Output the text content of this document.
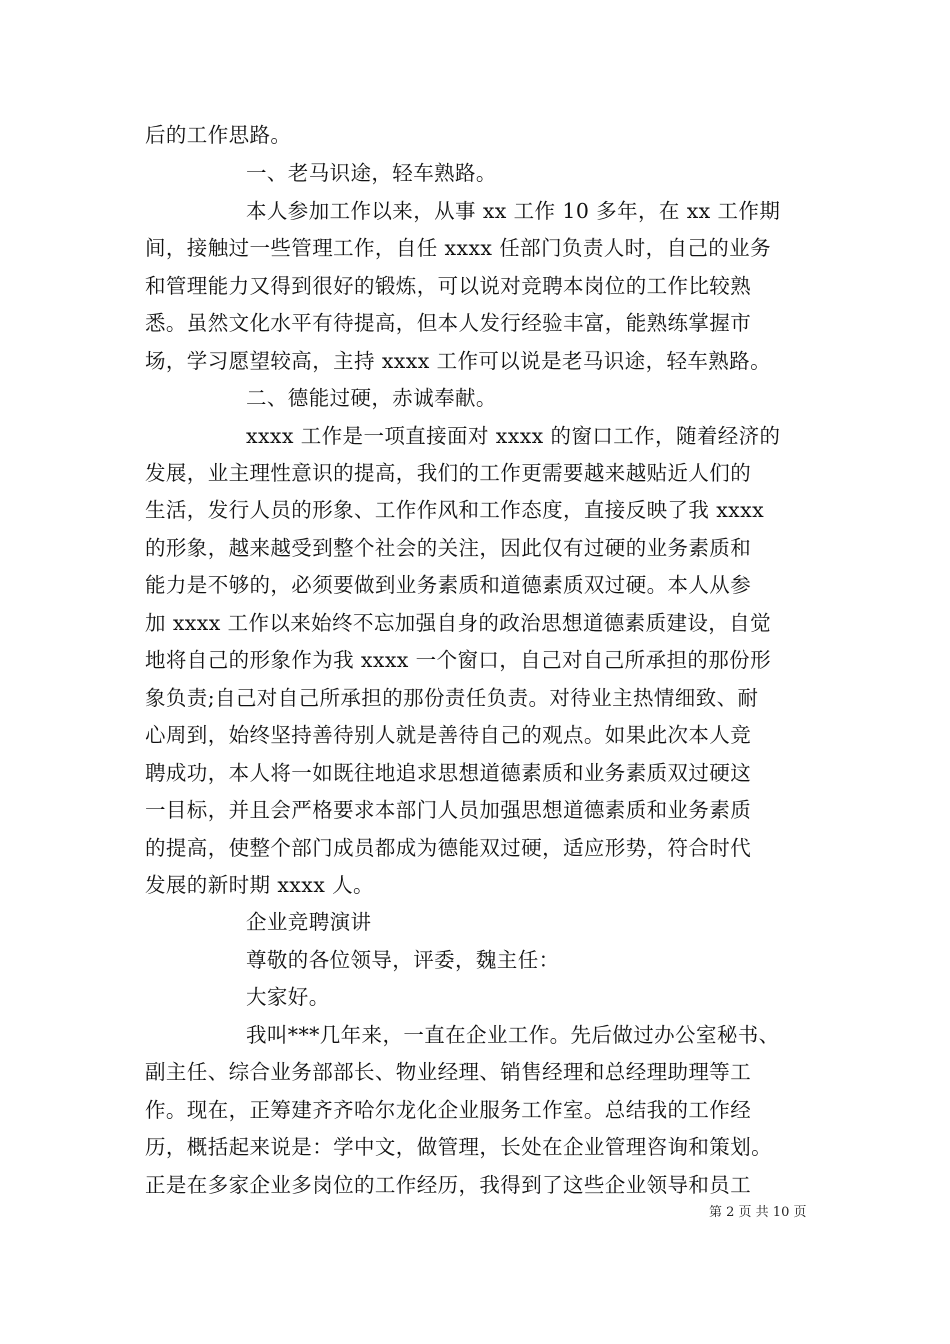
后的工作思路。
一、老马识途，轻车熟路。
本人参加工作以来，从事 xx 工作 10 多年，在 xx 工作期
间，接触过一些管理工作，自任 xxxx 任部门负责人时，自己的业务
和管理能力又得到很好的锻炼，可以说对竞聘本岗位的工作比较熟
悉。虽然文化水平有待提高，但本人发行经验丰富，能熟练掌握市
场，学习愿望较高，主持 xxxx 工作可以说是老马识途，轻车熟路。
二、德能过硬，赤诚奉献。
xxxx 工作是一项直接面对 xxxx 的窗口工作，随着经济的
发展，业主理性意识的提高，我们的工作更需要越来越贴近人们的
生活，发行人员的形象、工作作风和工作态度，直接反映了我 xxxx
的形象，越来越受到整个社会的关注，因此仅有过硬的业务素质和
能力是不够的，必须要做到业务素质和道德素质双过硬。本人从参
加 xxxx 工作以来始终不忘加强自身的政治思想道德素质建设，自觉
地将自己的形象作为我 xxxx 一个窗口，自己对自己所承担的那份形
象负责;自己对自己所承担的那份责任负责。对待业主热情细致、耐
心周到，始终坚持善待别人就是善待自己的观点。如果此次本人竞
聘成功，本人将一如既往地追求思想道德素质和业务素质双过硬这
一目标，并且会严格要求本部门人员加强思想道德素质和业务素质
的提高，使整个部门成员都成为德能双过硬，适应形势，符合时代
发展的新时期 xxxx 人。
企业竞聘演讲
尊敬的各位领导，评委，魏主任：
大家好。
我叫***几年来，一直在企业工作。先后做过办公室秘书、
副主任、综合业务部部长、物业经理、销售经理和总经理助理等工
作。现在，正筹建齐齐哈尔龙化企业服务工作室。总结我的工作经
历，概括起来说是：学中文，做管理，长处在企业管理咨询和策划。
正是在多家企业多岗位的工作经历，我得到了这些企业领导和员工
第 2 页 共 10 页
